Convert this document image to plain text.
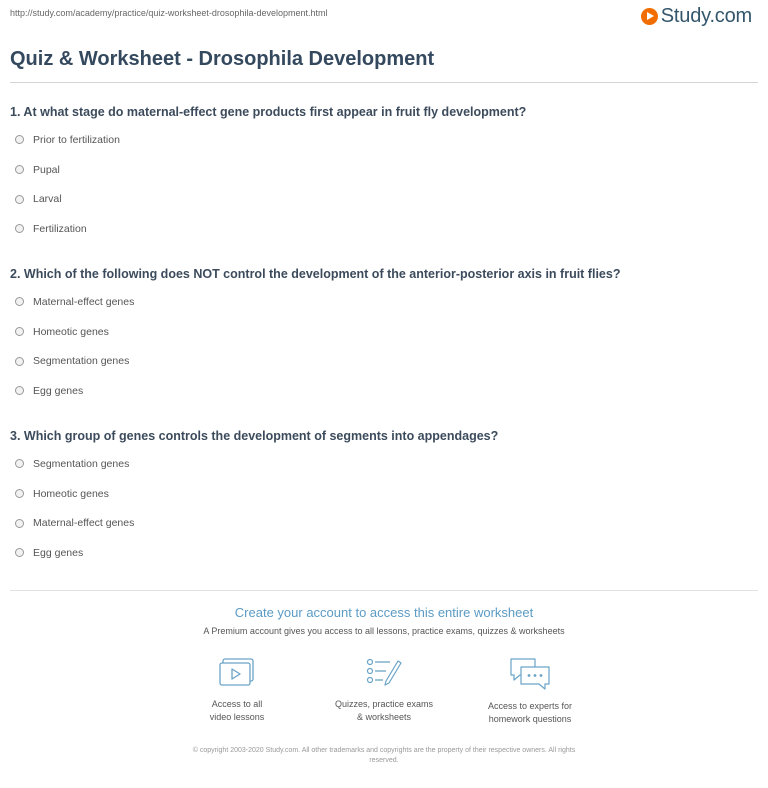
http://study.com/academy/practice/quiz-worksheet-drosophila-development.html	Study.com
Quiz & Worksheet - Drosophila Development
1. At what stage do maternal-effect gene products first appear in fruit fly development?
Prior to fertilization
Pupal
Larval
Fertilization
2. Which of the following does NOT control the development of the anterior-posterior axis in fruit flies?
Maternal-effect genes
Homeotic genes
Segmentation genes
Egg genes
3. Which group of genes controls the development of segments into appendages?
Segmentation genes
Homeotic genes
Maternal-effect genes
Egg genes
Create your account to access this entire worksheet
A Premium account gives you access to all lessons, practice exams, quizzes & worksheets
Access to all
video lessons
Quizzes, practice exams
& worksheets
Access to experts for
homework questions
© copyright 2003-2020 Study.com. All other trademarks and copyrights are the property of their respective owners. All rights
reserved.
